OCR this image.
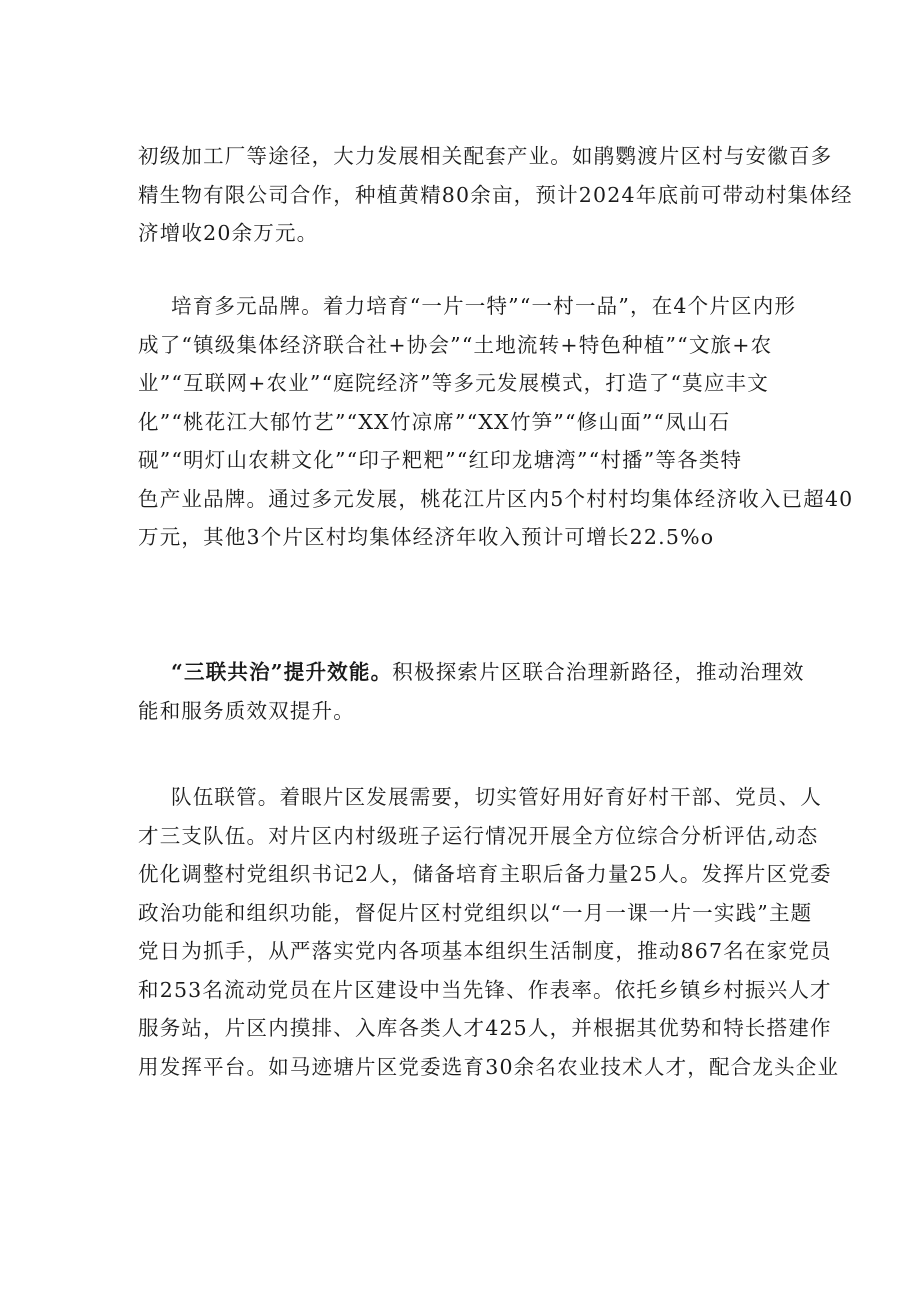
初级加工厂等途径，大力发展相关配套产业。如鹃鹦渡片区村与安徽百多
精生物有限公司合作，种植黄精80余亩，预计2024年底前可带动村集体经
济增收20余万元。

培育多元品牌。着力培育“一片一特”“一村一品”，在4个片区内形
成了“镇级集体经济联合社+协会”“土地流转+特色种植”“文旅+农
业”“互联网+农业”“庭院经济”等多元发展模式，打造了“莫应丰文
化”“桃花江大郁竹艺”“XX竹凉席”“XX竹笋”“修山面”“凤山石
砚”“明灯山农耕文化”“印子粑粑”“红印龙塘湾”“村播”等各类特
色产业品牌。通过多元发展，桃花江片区内5个村村均集体经济收入已超40
万元，其他3个片区村均集体经济年收入预计可增长22.5%o

“三联共治”提升效能。积极探索片区联合治理新路径，推动治理效
能和服务质效双提升。

队伍联管。着眼片区发展需要，切实管好用好育好村干部、党员、人
才三支队伍。对片区内村级班子运行情况开展全方位综合分析评估,动态
优化调整村党组织书记2人，储备培育主职后备力量25人。发挥片区党委
政治功能和组织功能，督促片区村党组织以“一月一课一片一实践”主题
党日为抓手，从严落实党内各项基本组织生活制度，推动867名在家党员
和253名流动党员在片区建设中当先锋、作表率。依托乡镇乡村振兴人才
服务站，片区内摸排、入库各类人才425人，并根据其优势和特长搭建作
用发挥平台。如马迹塘片区党委选育30余名农业技术人才，配合龙头企业
